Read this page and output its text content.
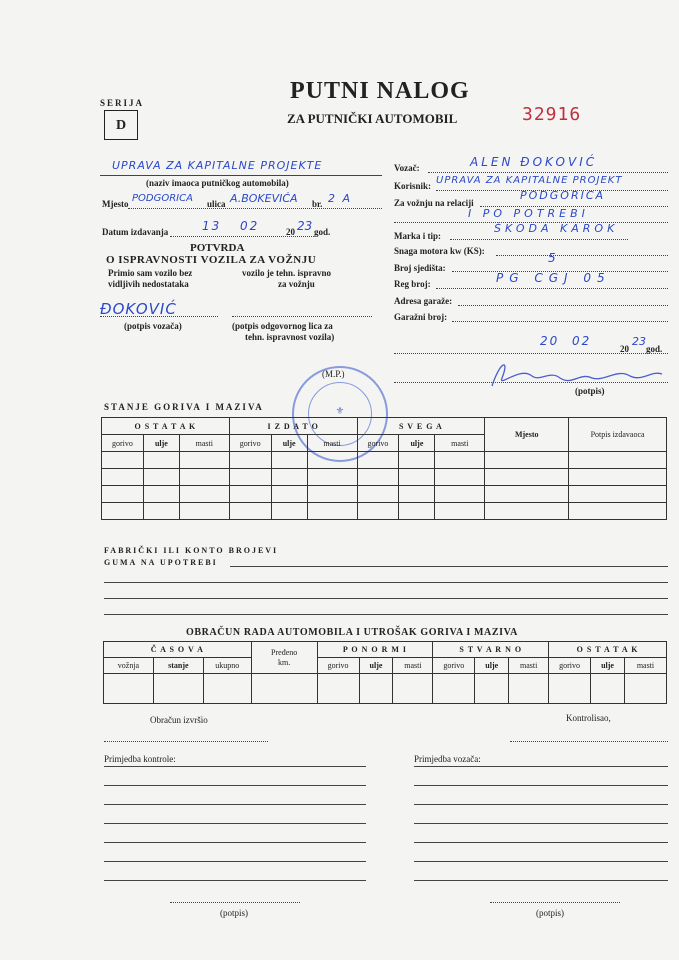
SERIJA
D
PUTNI NALOG
ZA PUTNIČKI AUTOMOBIL	32916
UPRAVA ZA KAPITALNE PROJEKTE
(naziv imaoca putničkog automobila)
Mjesto PODGORICA ulica A.BOKEVIĆA br. 2 A
Datum izdavanja	13 02	20 23 god.
POTVRDA
O ISPRAVNOSTI VOZILA ZA VOŽNJU
Primio sam vozilo bez
vidljivih nedostataka
vozilo je tehn. ispravno
za vožnju
ĐOKOVIĆ
(potpis vozača)	(potpis odgovornog lica za
tehn. ispravnost vozila)
Vozač:	ALEN ĐOKOVIĆ
Korisnik: UPRAVA ZA KAPITALNE PROJEKT
Za vožnju na relaciji
PODGORICA
I PO POTREBI
Marka i tip:
ŠKODA KAROK
Snaga motora kw (KS):
Broj sjedišta:
5
Reg broj:	PG CGJ 05
Adresa garaže:
Garažni broj:
20 02
20
23
god.
(potpis)
⚜
(M.P.)
STANJE GORIVA I MAZIVA
O S T A T A K			I Z D A T O			S V E G A			Mjesto	Potpis izdavaoca
gorivo	ulje	masti	gorivo	ulje	masti	gorivo	ulje	masti		

FABRIČKI ILI KONTO BROJEVI
GUMA NA UPOTREBI
OBRAČUN RADA AUTOMOBILA I UTROŠAK GORIVA I MAZIVA
Č A S O V A			Pređeno
km.	P O N O R M I			S T V A R N O			O S T A T A K		
vožnja	stanje	ukupno		gorivo	ulje	masti	gorivo	ulje	masti	gorivo	ulje	masti

Obračun izvršio	Kontrolisao,
Primjedba kontrole:
(potpis)
Primjedba vozača:
(potpis)
